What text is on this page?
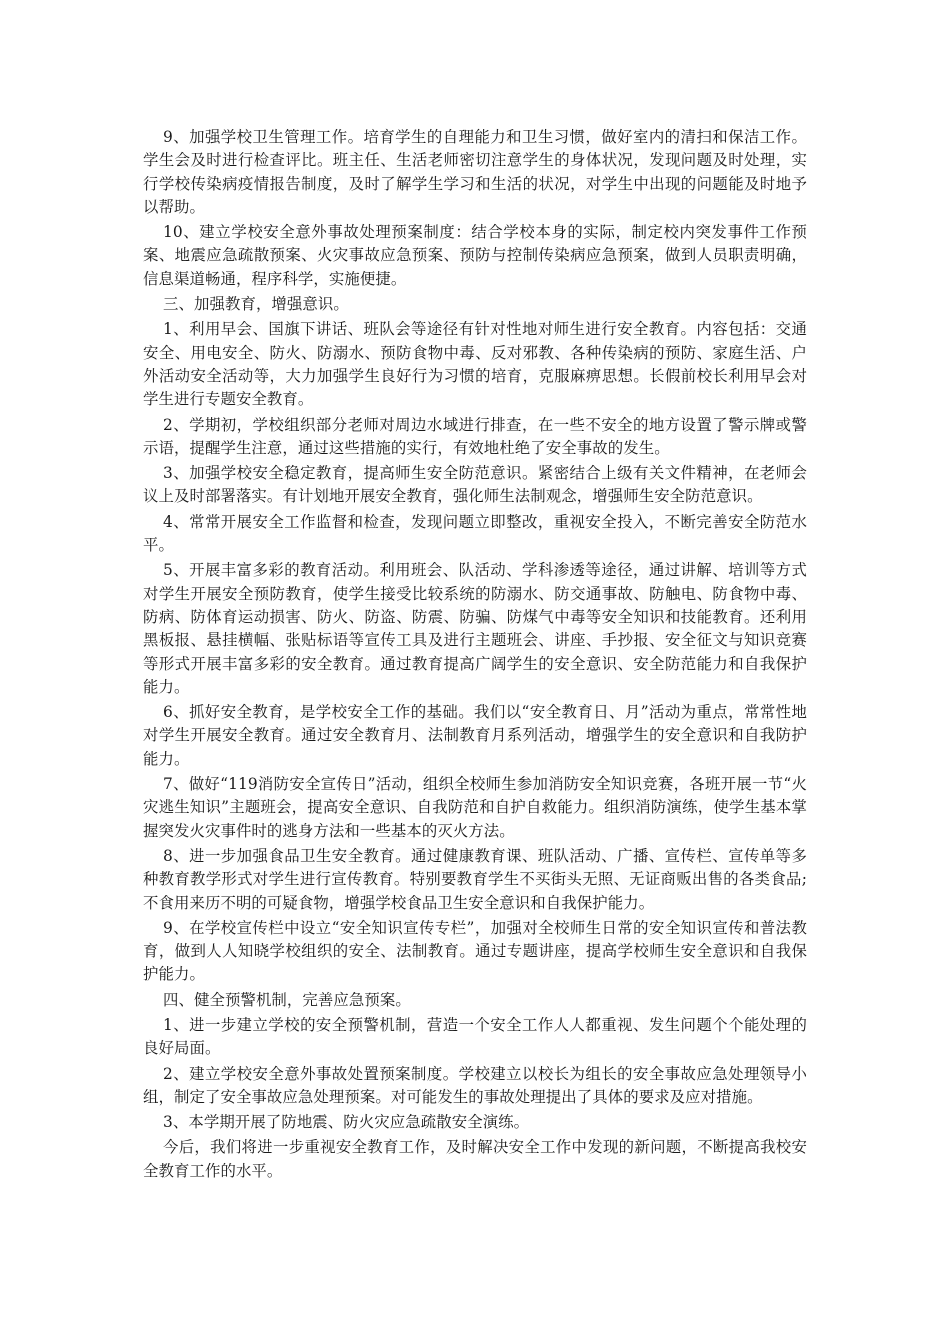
9、加强学校卫生管理工作。培育学生的自理能力和卫生习惯，做好室内的清扫和保洁工作。学生会及时进行检查评比。班主任、生活老师密切注意学生的身体状况，发现问题及时处理，实行学校传染病疫情报告制度，及时了解学生学习和生活的状况，对学生中出现的问题能及时地予以帮助。

10、建立学校安全意外事故处理预案制度：结合学校本身的实际，制定校内突发事件工作预案、地震应急疏散预案、火灾事故应急预案、预防与控制传染病应急预案，做到人员职责明确，信息渠道畅通，程序科学，实施便捷。

三、加强教育，增强意识。

1、利用早会、国旗下讲话、班队会等途径有针对性地对师生进行安全教育。内容包括：交通安全、用电安全、防火、防溺水、预防食物中毒、反对邪教、各种传染病的预防、家庭生活、户外活动安全活动等，大力加强学生良好行为习惯的培育，克服麻痹思想。长假前校长利用早会对学生进行专题安全教育。

2、学期初，学校组织部分老师对周边水域进行排查，在一些不安全的地方设置了警示牌或警示语，提醒学生注意，通过这些措施的实行，有效地杜绝了安全事故的发生。

3、加强学校安全稳定教育，提高师生安全防范意识。紧密结合上级有关文件精神，在老师会议上及时部署落实。有计划地开展安全教育，强化师生法制观念，增强师生安全防范意识。

4、常常开展安全工作监督和检查，发现问题立即整改，重视安全投入，不断完善安全防范水平。

5、开展丰富多彩的教育活动。利用班会、队活动、学科渗透等途径，通过讲解、培训等方式对学生开展安全预防教育，使学生接受比较系统的防溺水、防交通事故、防触电、防食物中毒、防病、防体育运动损害、防火、防盗、防震、防骗、防煤气中毒等安全知识和技能教育。还利用黑板报、悬挂横幅、张贴标语等宣传工具及进行主题班会、讲座、手抄报、安全征文与知识竞赛等形式开展丰富多彩的安全教育。通过教育提高广阔学生的安全意识、安全防范能力和自我保护能力。

6、抓好安全教育，是学校安全工作的基础。我们以“安全教育日、月”活动为重点，常常性地对学生开展安全教育。通过安全教育月、法制教育月系列活动，增强学生的安全意识和自我防护能力。

7、做好“119消防安全宣传日”活动，组织全校师生参加消防安全知识竞赛，各班开展一节“火灾逃生知识”主题班会，提高安全意识、自我防范和自护自救能力。组织消防演练，使学生基本掌握突发火灾事件时的逃身方法和一些基本的灭火方法。

8、进一步加强食品卫生安全教育。通过健康教育课、班队活动、广播、宣传栏、宣传单等多种教育教学形式对学生进行宣传教育。特别要教育学生不买街头无照、无证商贩出售的各类食品;不食用来历不明的可疑食物，增强学校食品卫生安全意识和自我保护能力。

9、在学校宣传栏中设立“安全知识宣传专栏”，加强对全校师生日常的安全知识宣传和普法教育，做到人人知晓学校组织的安全、法制教育。通过专题讲座，提高学校师生安全意识和自我保护能力。

四、健全预警机制，完善应急预案。

1、进一步建立学校的安全预警机制，营造一个安全工作人人都重视、发生问题个个能处理的良好局面。

2、建立学校安全意外事故处置预案制度。学校建立以校长为组长的安全事故应急处理领导小组，制定了安全事故应急处理预案。对可能发生的事故处理提出了具体的要求及应对措施。

3、本学期开展了防地震、防火灾应急疏散安全演练。

今后，我们将进一步重视安全教育工作，及时解决安全工作中发现的新问题，不断提高我校安全教育工作的水平。
